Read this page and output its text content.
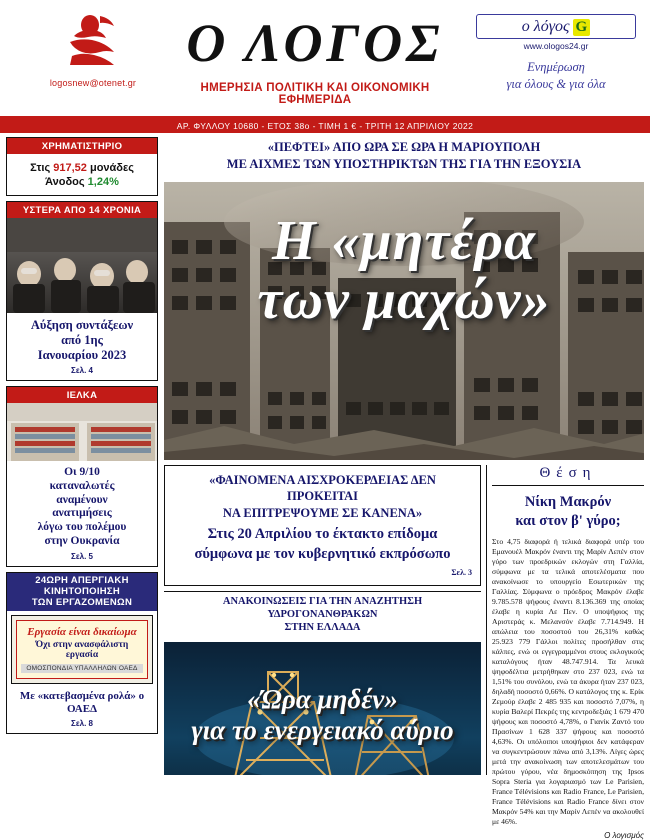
logosnew@otenet.gr
Ο ΛΟΓΟΣ
ΗΜΕΡΗΣΙΑ ΠΟΛΙΤΙΚΗ ΚΑΙ ΟΙΚΟΝΟΜΙΚΗ ΕΦΗΜΕΡΙΔΑ
ο λόγος G
www.ologos24.gr
Ενημέρωση
για όλους & για όλα
ΑΡ. ΦΥΛΛΟΥ 10680 - ΕΤΟΣ 38ο - ΤΙΜΗ 1 € - ΤΡΙΤΗ 12 ΑΠΡΙΛΙΟΥ 2022
ΧΡΗΜΑΤΙΣΤΗΡΙΟ
Στις 917,52 μονάδες
Άνοδος 1,24%
ΥΣΤΕΡΑ ΑΠΟ 14 ΧΡΟΝΙΑ
Αύξηση συντάξεων
από 1ης
Ιανουαρίου 2023
Σελ. 4
ΙΕΛΚΑ
Οι 9/10
καταναλωτές
αναμένουν
ανατιμήσεις
λόγω του πολέμου
στην Ουκρανία
Σελ. 5
24ΩΡΗ ΑΠΕΡΓΙΑΚΗ ΚΙΝΗΤΟΠΟΙΗΣΗ
ΤΩΝ ΕΡΓΑΖΟΜΕΝΩΝ
Εργασία είναι δικαίωμα
Όχι στην ανασφάλιστη εργασία
ΟΜΟΣΠΟΝΔΙΑ ΥΠΑΛΛΗΛΩΝ ΟΑΕΔ
Με «κατεβασμένα ρολά» ο ΟΑΕΔ
Σελ. 8
«ΠΕΦΤΕΙ» ΑΠΟ ΩΡΑ ΣΕ ΩΡΑ Η ΜΑΡΙΟΥΠΟΛΗ
ΜΕ ΑΙΧΜΕΣ ΤΩΝ ΥΠΟΣΤΗΡΙΚΤΩΝ ΤΗΣ ΓΙΑ ΤΗΝ ΕΞΟΥΣΙΑ
Η «μητέρα
των μαχών»

«ΦΑΙΝΟΜΕΝΑ ΑΙΣΧΡΟΚΕΡΔΕΙΑΣ ΔΕΝ ΠΡΟΚΕΙΤΑΙ

ΝΑ ΕΠΙΤΡΕΨΟΥΜΕ ΣΕ ΚΑΝΕΝΑ»

Στις 20 Απριλίου το έκτακτο επίδομα

σύμφωνα με τον κυβερνητικό εκπρόσωπο

Σελ. 3

ΑΝΑΚΟΙΝΩΣΕΙΣ ΓΙΑ ΤΗΝ ΑΝΑΖΗΤΗΣΗ ΥΔΡΟΓΟΝΑΝΘΡΑΚΩΝ
ΣΤΗΝ ΕΛΛΑΔΑ
«Ώρα μηδέν»
για το ενεργειακό αύριο
Θέση
Νίκη Μακρόν
και στον β' γύρο;
Στο 4,75 διαφορά ή τελικά διαφορά υπέρ του Εμανουέλ Μακρόν έναντι της Μαρίν Λεπέν στον γύρο των προεδρικών εκλογών στη Γαλλία, σύμφωνα με τα τελικά αποτελέσματα που ανακοίνωσε το υπουργείο Εσωτερικών της Γαλλίας. Σύμφωνα ο πρόεδρος Μακρόν έλαβε 9.785.578 ψήφους έναντι 8.136.369 της οποίας έλαβε η κυρία Λε Πεν. Ο υποψήφιος της Αριστεράς κ. Μελανσόν έλαβε 7.714.949. Η απώλεια του ποσοστού του 26,31% καθώς 25.923 779 Γάλλοι πολίτες προσήλθαν στις κάλπες, ενώ οι εγγεγραμμένοι στους εκλογικούς καταλόγους ήταν 48.747.914. Τα λευκά ψηφοδέλτια μετρήθηκαν στο 237 023, ενώ τα 1,51% του συνόλου, ενώ τα άκυρα ήταν 237 023, δηλαδή ποσοστό 0,66%. Ο κατάλογος της κ. Ερίκ Ζεμούρ έλαβε 2 485 935 και ποσοστό 7,07%, η κυρία Βαλερί Πεκρές της κεντροδεξιάς 1 679 470 ψήφους και ποσοστό 4,78%, ο Γιανίκ Ζαντό του Πρασίνων 1 628 337 ψήφους και ποσοστό 4,63%. Οι υπόλοιποι υποψήφιοι δεν κατάφεραν να συγκεντρώσουν πάνω από 3,13%. Λίγες ώρες μετά την ανακοίνωση των αποτελεσμάτων του πρώτου γύρου, νέα δημοσκόπηση της Ipsos Sopra Steria για λογαριασμό των Le Parisien, France Télévisions και Radio France, Le Parisien, France Télévisions και Radio France δίνει στον Μακρόν 54% και την Μαρίν Λεπέν να ακολουθεί με 46%.
Ο λογισμός
